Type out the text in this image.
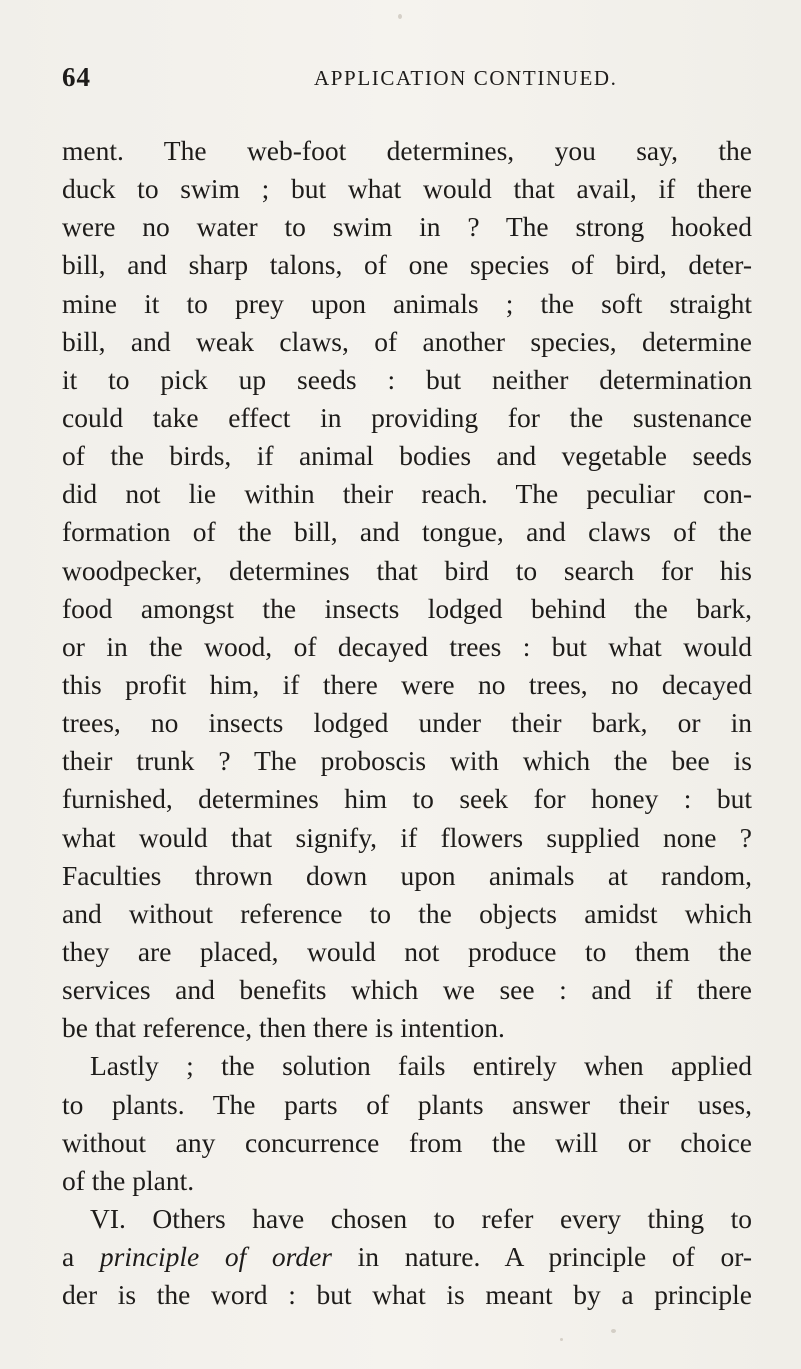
64	APPLICATION CONTINUED.
ment. The web-foot determines, you say, the
duck to swim ; but what would that avail, if there
were no water to swim in ? The strong hooked
bill, and sharp talons, of one species of bird, deter-
mine it to prey upon animals ; the soft straight
bill, and weak claws, of another species, determine
it to pick up seeds : but neither determination
could take effect in providing for the sustenance
of the birds, if animal bodies and vegetable seeds
did not lie within their reach. The peculiar con-
formation of the bill, and tongue, and claws of the
woodpecker, determines that bird to search for his
food amongst the insects lodged behind the bark,
or in the wood, of decayed trees : but what would
this profit him, if there were no trees, no decayed
trees, no insects lodged under their bark, or in
their trunk ? The proboscis with which the bee is
furnished, determines him to seek for honey : but
what would that signify, if flowers supplied none ?
Faculties thrown down upon animals at random,
and without reference to the objects amidst which
they are placed, would not produce to them the
services and benefits which we see : and if there
be that reference, then there is intention.
Lastly ; the solution fails entirely when applied
to plants. The parts of plants answer their uses,
without any concurrence from the will or choice
of the plant.
VI. Others have chosen to refer every thing to
a principle of order in nature. A principle of or-
der is the word : but what is meant by a principle
